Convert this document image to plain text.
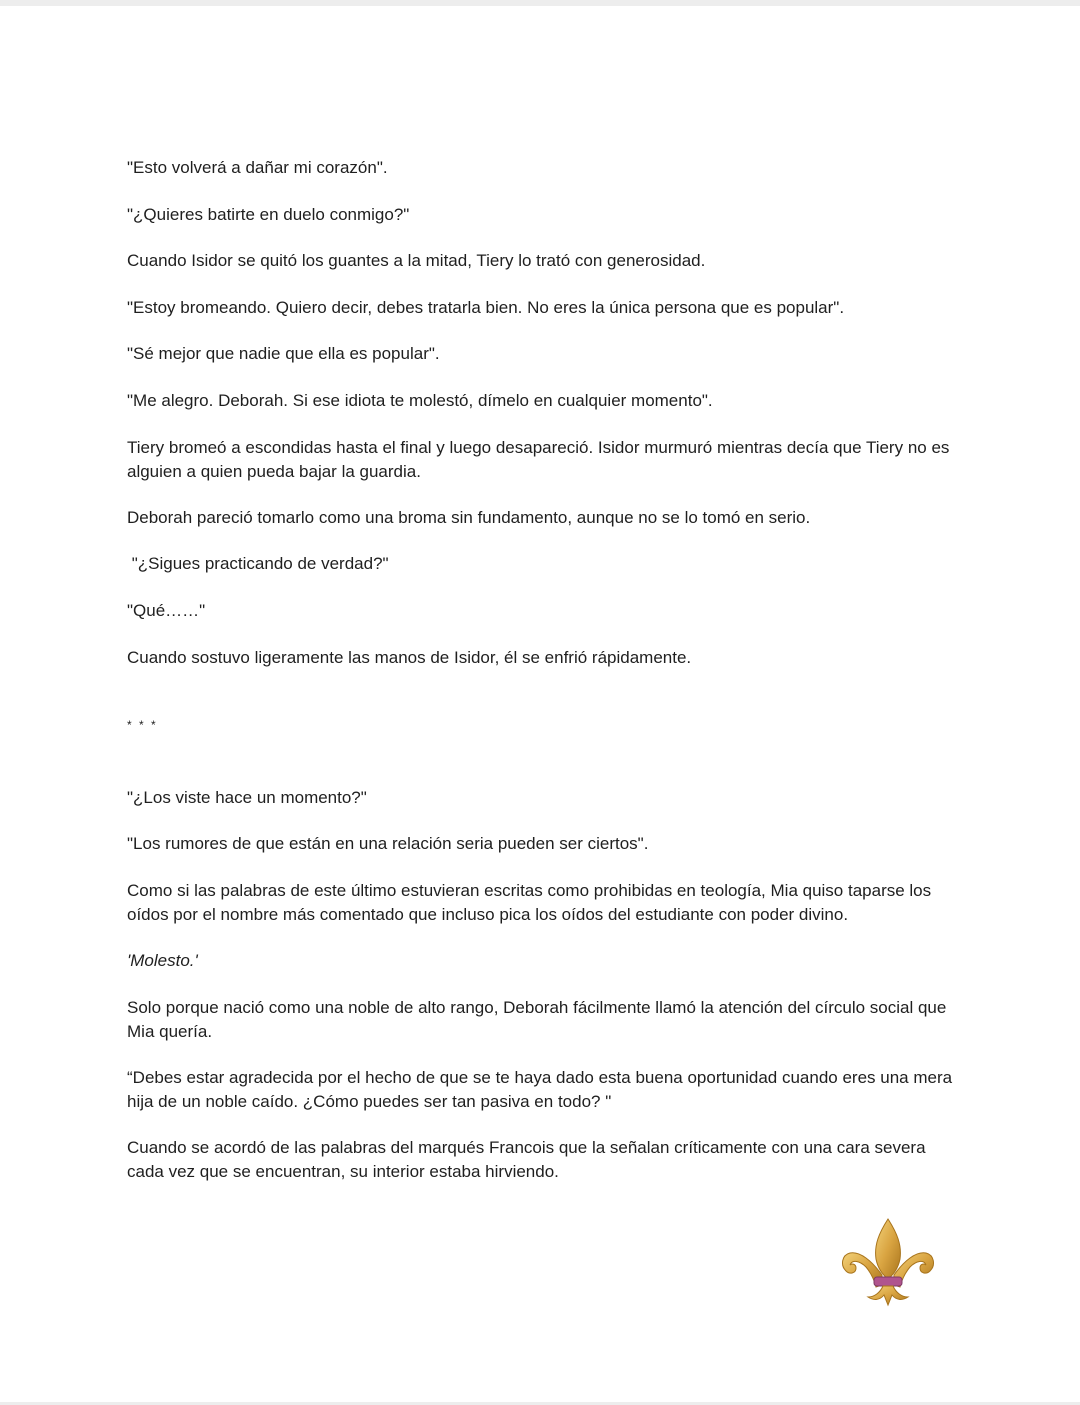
"Esto volverá a dañar mi corazón".

"¿Quieres batirte en duelo conmigo?"

Cuando Isidor se quitó los guantes a la mitad, Tiery lo trató con generosidad.

"Estoy bromeando. Quiero decir, debes tratarla bien. No eres la única persona que es popular".

"Sé mejor que nadie que ella es popular".

"Me alegro. Deborah. Si ese idiota te molestó, dímelo en cualquier momento".

Tiery bromeó a escondidas hasta el final y luego desapareció. Isidor murmuró mientras decía que Tiery no es alguien a quien pueda bajar la guardia.

Deborah pareció tomarlo como una broma sin fundamento, aunque no se lo tomó en serio.

"¿Sigues practicando de verdad?"

"Qué……"

Cuando sostuvo ligeramente las manos de Isidor, él se enfrió rápidamente.

* * *

"¿Los viste hace un momento?"

"Los rumores de que están en una relación seria pueden ser ciertos".

Como si las palabras de este último estuvieran escritas como prohibidas en teología, Mia quiso taparse los oídos por el nombre más comentado que incluso pica los oídos del estudiante con poder divino.

'Molesto.'

Solo porque nació como una noble de alto rango, Deborah fácilmente llamó la atención del círculo social que Mia quería.

“Debes estar agradecida por el hecho de que se te haya dado esta buena oportunidad cuando eres una mera hija de un noble caído. ¿Cómo puedes ser tan pasiva en todo? "

Cuando se acordó de las palabras del marqués Francois que la señalan críticamente con una cara severa cada vez que se encuentran, su interior estaba hirviendo.
